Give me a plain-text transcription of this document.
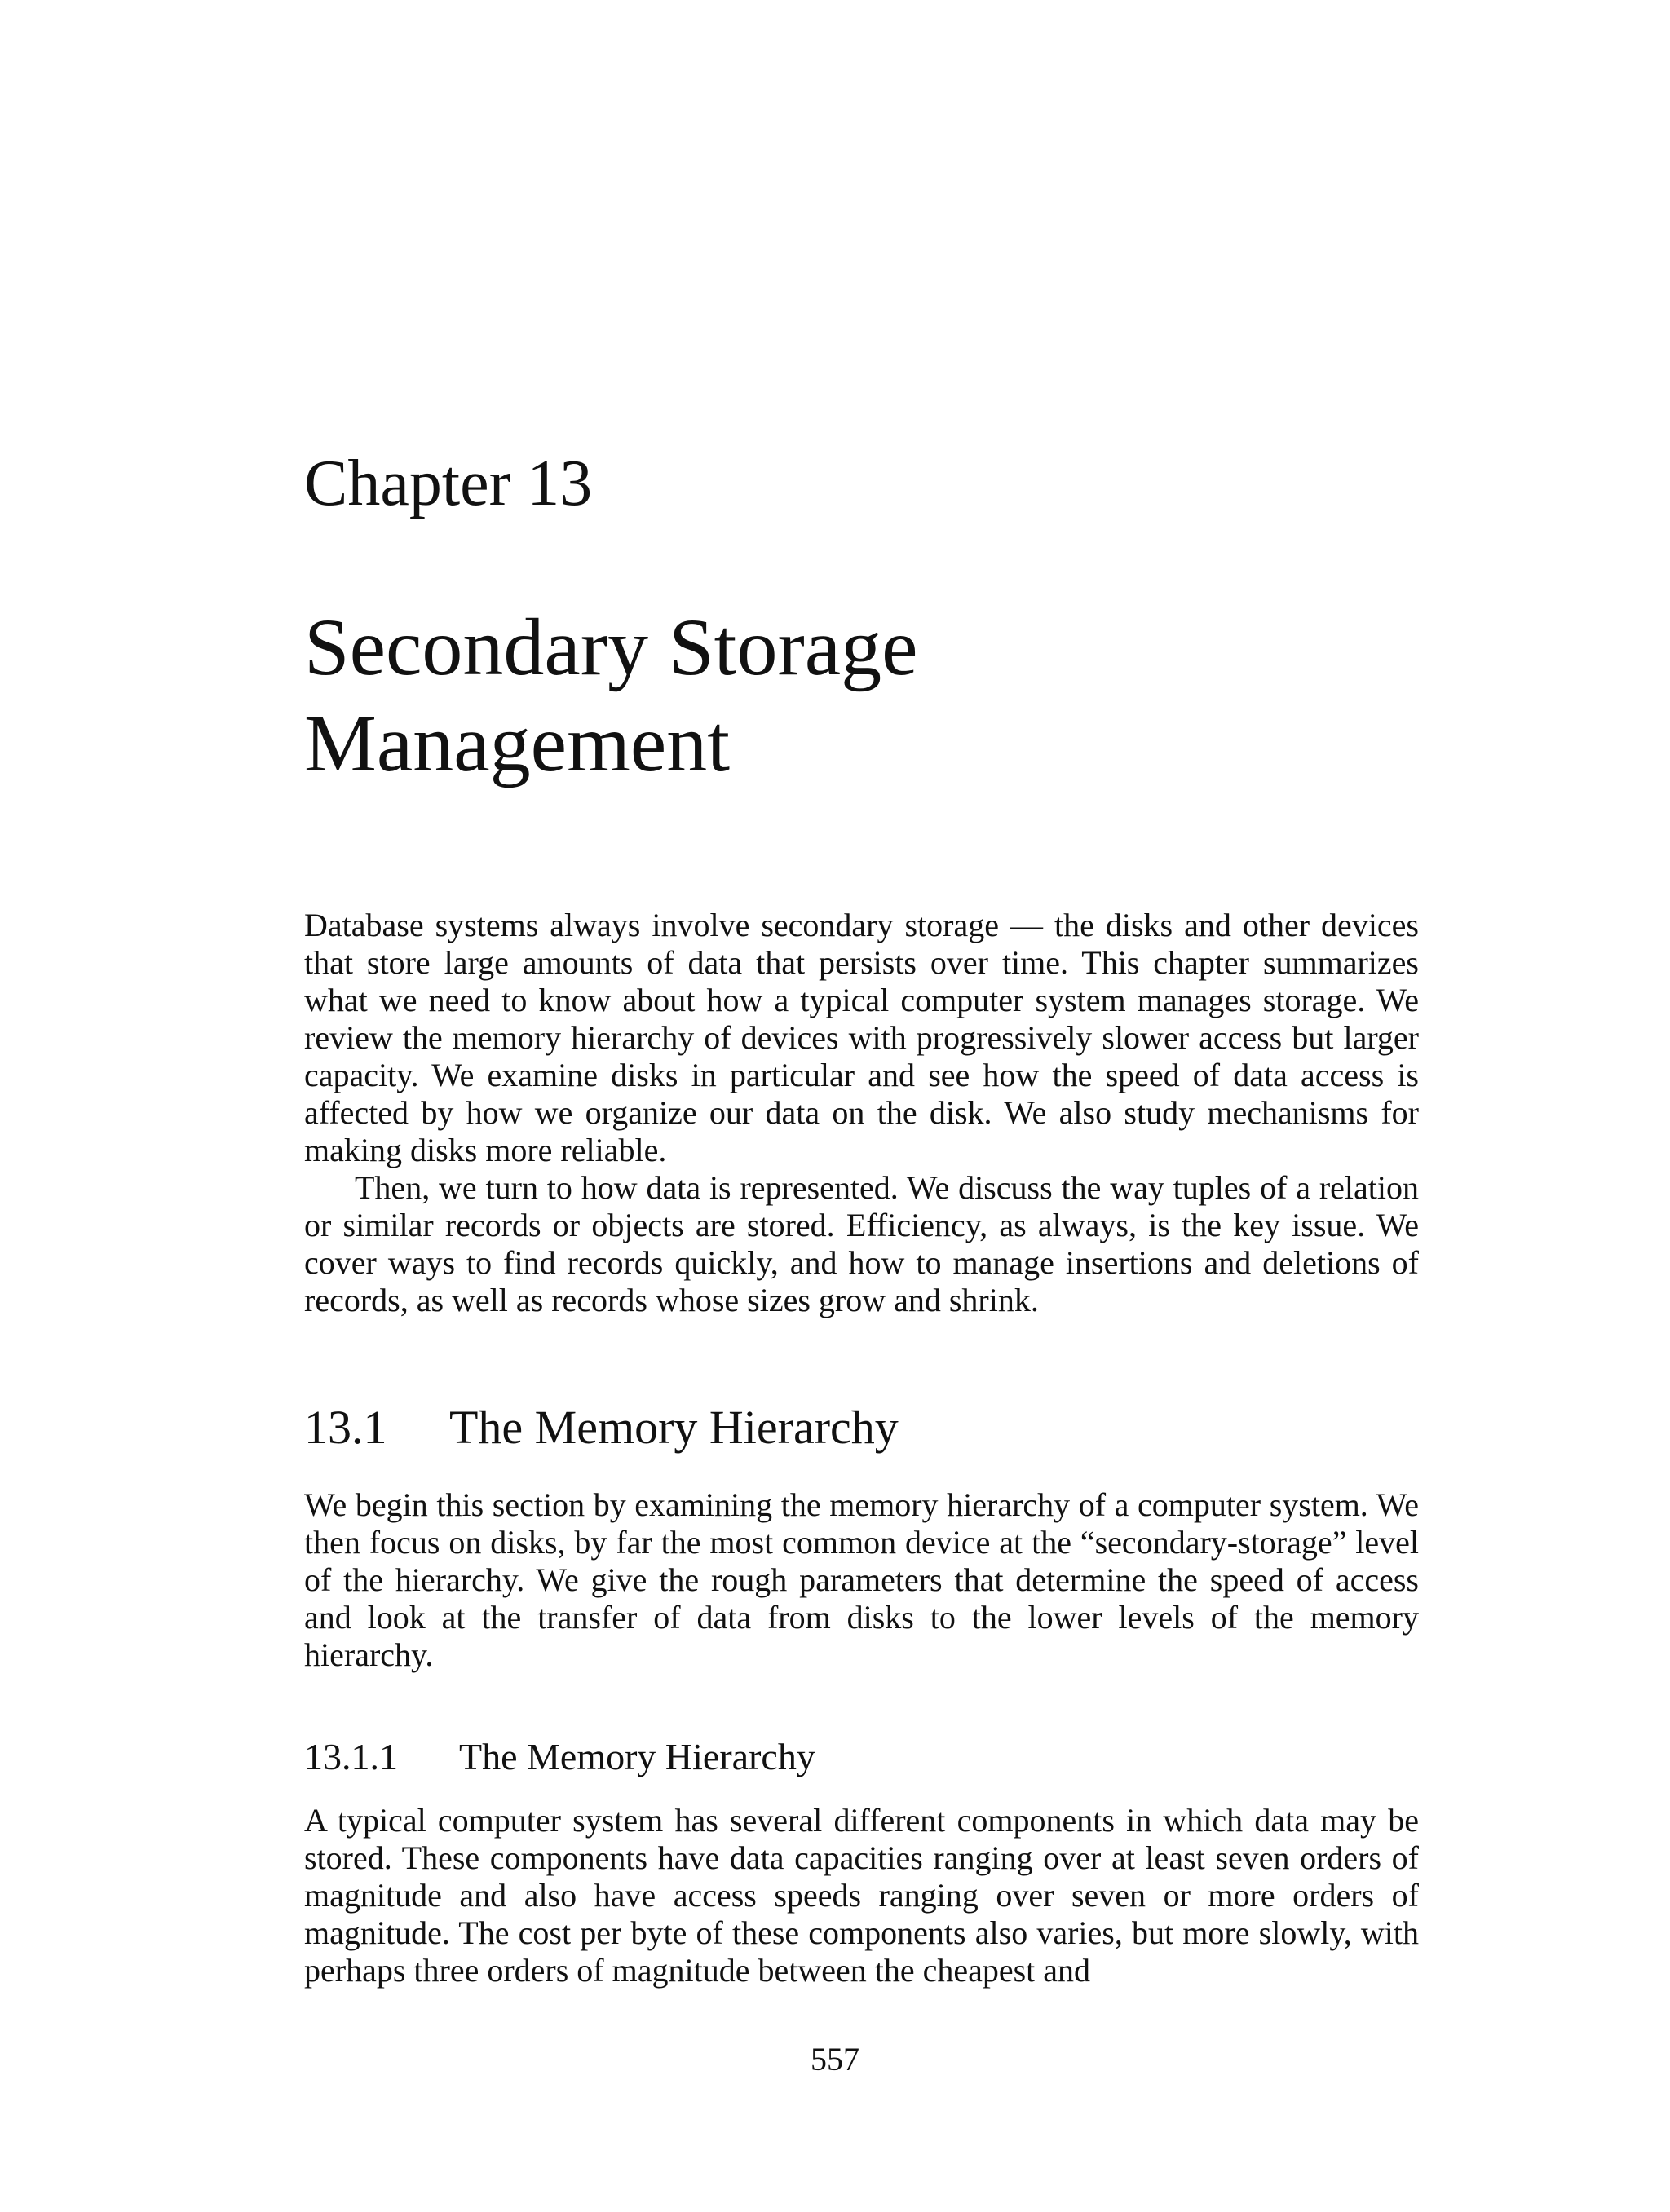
Chapter 13
Secondary Storage
Management

Database systems always involve secondary storage — the disks and other devices that store large amounts of data that persists over time. This chapter summarizes what we need to know about how a typical computer system manages storage. We review the memory hierarchy of devices with progressively slower access but larger capacity. We examine disks in particular and see how the speed of data access is affected by how we organize our data on the disk. We also study mechanisms for making disks more reliable.

Then, we turn to how data is represented. We discuss the way tuples of a relation or similar records or objects are stored. Efficiency, as always, is the key issue. We cover ways to find records quickly, and how to manage insertions and deletions of records, as well as records whose sizes grow and shrink.

13.1 The Memory Hierarchy

We begin this section by examining the memory hierarchy of a computer system. We then focus on disks, by far the most common device at the “secondary-storage” level of the hierarchy. We give the rough parameters that determine the speed of access and look at the transfer of data from disks to the lower levels of the memory hierarchy.

13.1.1 The Memory Hierarchy

A typical computer system has several different components in which data may be stored. These components have data capacities ranging over at least seven orders of magnitude and also have access speeds ranging over seven or more orders of magnitude. The cost per byte of these components also varies, but more slowly, with perhaps three orders of magnitude between the cheapest and

557
